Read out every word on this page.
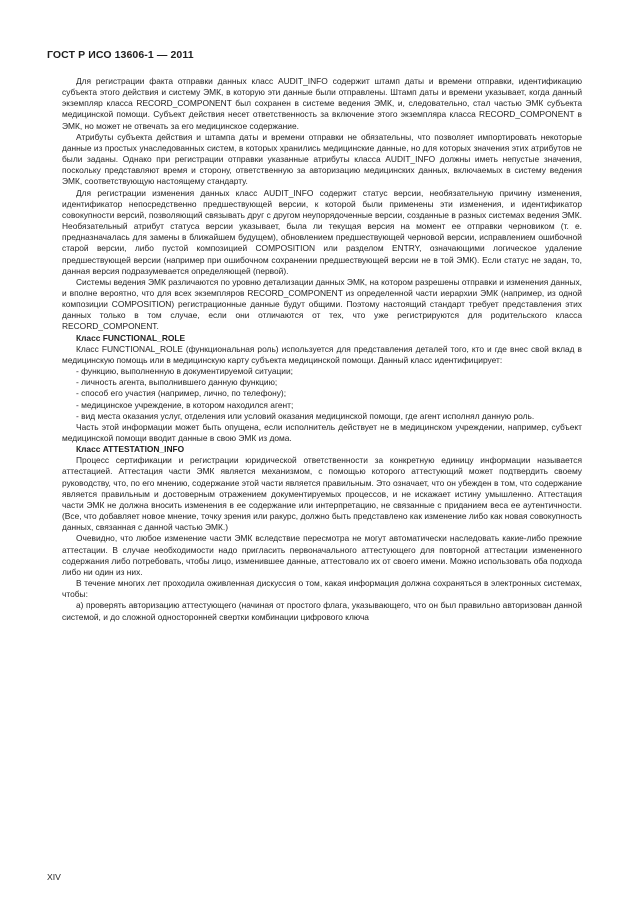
ГОСТ Р ИСО 13606-1 — 2011

Для регистрации факта отправки данных класс AUDIT_INFO содержит штамп даты и времени отправки, идентификацию субъекта этого действия и систему ЭМК, в которую эти данные были отправлены. Штамп даты и времени указывает, когда данный экземпляр класса RECORD_COMPONENT был сохранен в системе ведения ЭМК, и, следовательно, стал частью ЭМК субъекта медицинской помощи. Субъект действия несет ответственность за включение этого экземпляра класса RECORD_COMPONENT в ЭМК, но может не отвечать за его медицинское содержание.

Атрибуты субъекта действия и штампа даты и времени отправки не обязательны, что позволяет импортировать некоторые данные из простых унаследованных систем, в которых хранились медицинские данные, но для которых значения этих атрибутов не были заданы. Однако при регистрации отправки указанные атрибуты класса AUDIT_INFO должны иметь непустые значения, поскольку представляют время и сторону, ответственную за авторизацию медицинских данных, включаемых в систему ведения ЭМК, соответствующую настоящему стандарту.

Для регистрации изменения данных класс AUDIT_INFO содержит статус версии, необязательную причину изменения, идентификатор непосредственно предшествующей версии, к которой были применены эти изменения, и идентификатор совокупности версий, позволяющий связывать друг с другом неупорядоченные версии, созданные в разных системах ведения ЭМК. Необязательный атрибут статуса версии указывает, была ли текущая версия на момент ее отправки черновиком (т. е. предназначалась для замены в ближайшем будущем), обновлением предшествующей черновой версии, исправлением ошибочной старой версии, либо пустой композицией COMPOSITION или разделом ENTRY, означающими логическое удаление предшествующей версии (например при ошибочном сохранении предшествующей версии не в той ЭМК). Если статус не задан, то, данная версия подразумевается определяющей (первой).

Системы ведения ЭМК различаются по уровню детализации данных ЭМК, на котором разрешены отправки и изменения данных, и вполне вероятно, что для всех экземпляров RECORD_COMPONENT из определенной части иерархии ЭМК (например, из одной композиции COMPOSITION) регистрационные данные будут общими. Поэтому настоящий стандарт требует представления этих данных только в том случае, если они отличаются от тех, что уже регистрируются для родительского класса RECORD_COMPONENT.

Класс FUNCTIONAL_ROLE

Класс FUNCTIONAL_ROLE (функциональная роль) используется для представления деталей того, кто и где внес свой вклад в медицинскую помощь или в медицинскую карту субъекта медицинской помощи. Данный класс идентифицирует:

- функцию, выполненную в документируемой ситуации;

- личность агента, выполнившего данную функцию;

- способ его участия (например, лично, по телефону);

- медицинское учреждение, в котором находился агент;

- вид места оказания услуг, отделения или условий оказания медицинской помощи, где агент исполнял данную роль.

Часть этой информации может быть опущена, если исполнитель действует не в медицинском учреждении, например, субъект медицинской помощи вводит данные в свою ЭМК из дома.

Класс ATTESTATION_INFO

Процесс сертификации и регистрации юридической ответственности за конкретную единицу информации называется аттестацией. Аттестация части ЭМК является механизмом, с помощью которого аттестующий может подтвердить своему руководству, что, по его мнению, содержание этой части является правильным. Это означает, что он убежден в том, что содержание является правильным и достоверным отражением документируемых процессов, и не искажает истину умышленно. Аттестация части ЭМК не должна вносить изменения в ее содержание или интерпретацию, не связанные с приданием веса ее аутентичности. (Все, что добавляет новое мнение, точку зрения или ракурс, должно быть представлено как изменение либо как новая совокупность данных, связанная с данной частью ЭМК.)

Очевидно, что любое изменение части ЭМК вследствие пересмотра не могут автоматически наследовать какие-либо прежние аттестации. В случае необходимости надо пригласить первоначального аттестующего для повторной аттестации измененного содержания либо потребовать, чтобы лицо, изменившее данные, аттестовало их от своего имени. Можно использовать оба подхода либо ни один из них.

В течение многих лет проходила оживленная дискуссия о том, какая информация должна сохраняться в электронных системах, чтобы:

а) проверять авторизацию аттестующего (начиная от простого флага, указывающего, что он был правильно авторизован данной системой, и до сложной односторонней свертки комбинации цифрового ключа

XIV
